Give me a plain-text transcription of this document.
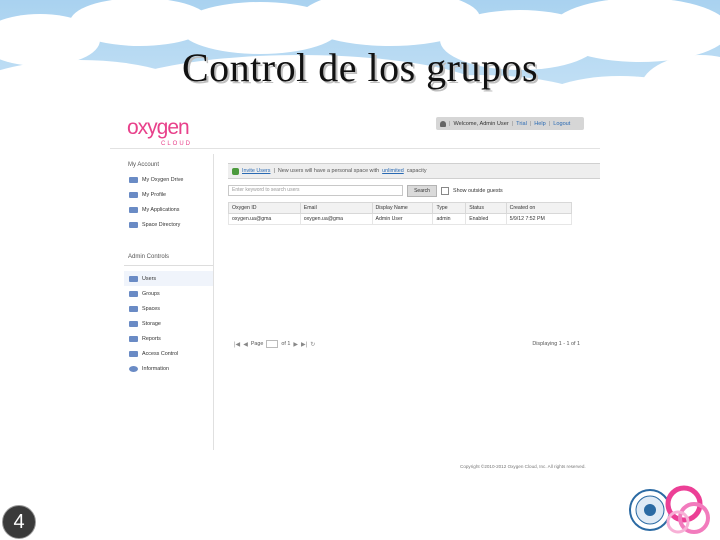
Control de los grupos
oxygen
CLOUD
| Welcome, Admin User | Trial | Help | Logout
My Account
My Oxygen Drive
My Profile
My Applications
Space Directory
Admin Controls
Users
Groups
Spaces
Storage
Reports
Access Control
Information
Invite Users | New users will have a personal space with unlimited capacity
Enter keyword to search users	Search	Show outside guests
Oxygen ID	Email	Display Name	Type	Status	Created on
oxygen.ua@gma	oxygen.ua@gma	Admin User	admin	Enabled	5/9/12 7:52 PM
|◀ ◀ Page	of 1 ▶ ▶| ↻	Displaying 1 - 1 of 1
Copyright ©2010-2012 Oxygen Cloud, Inc. All rights reserved.
4
